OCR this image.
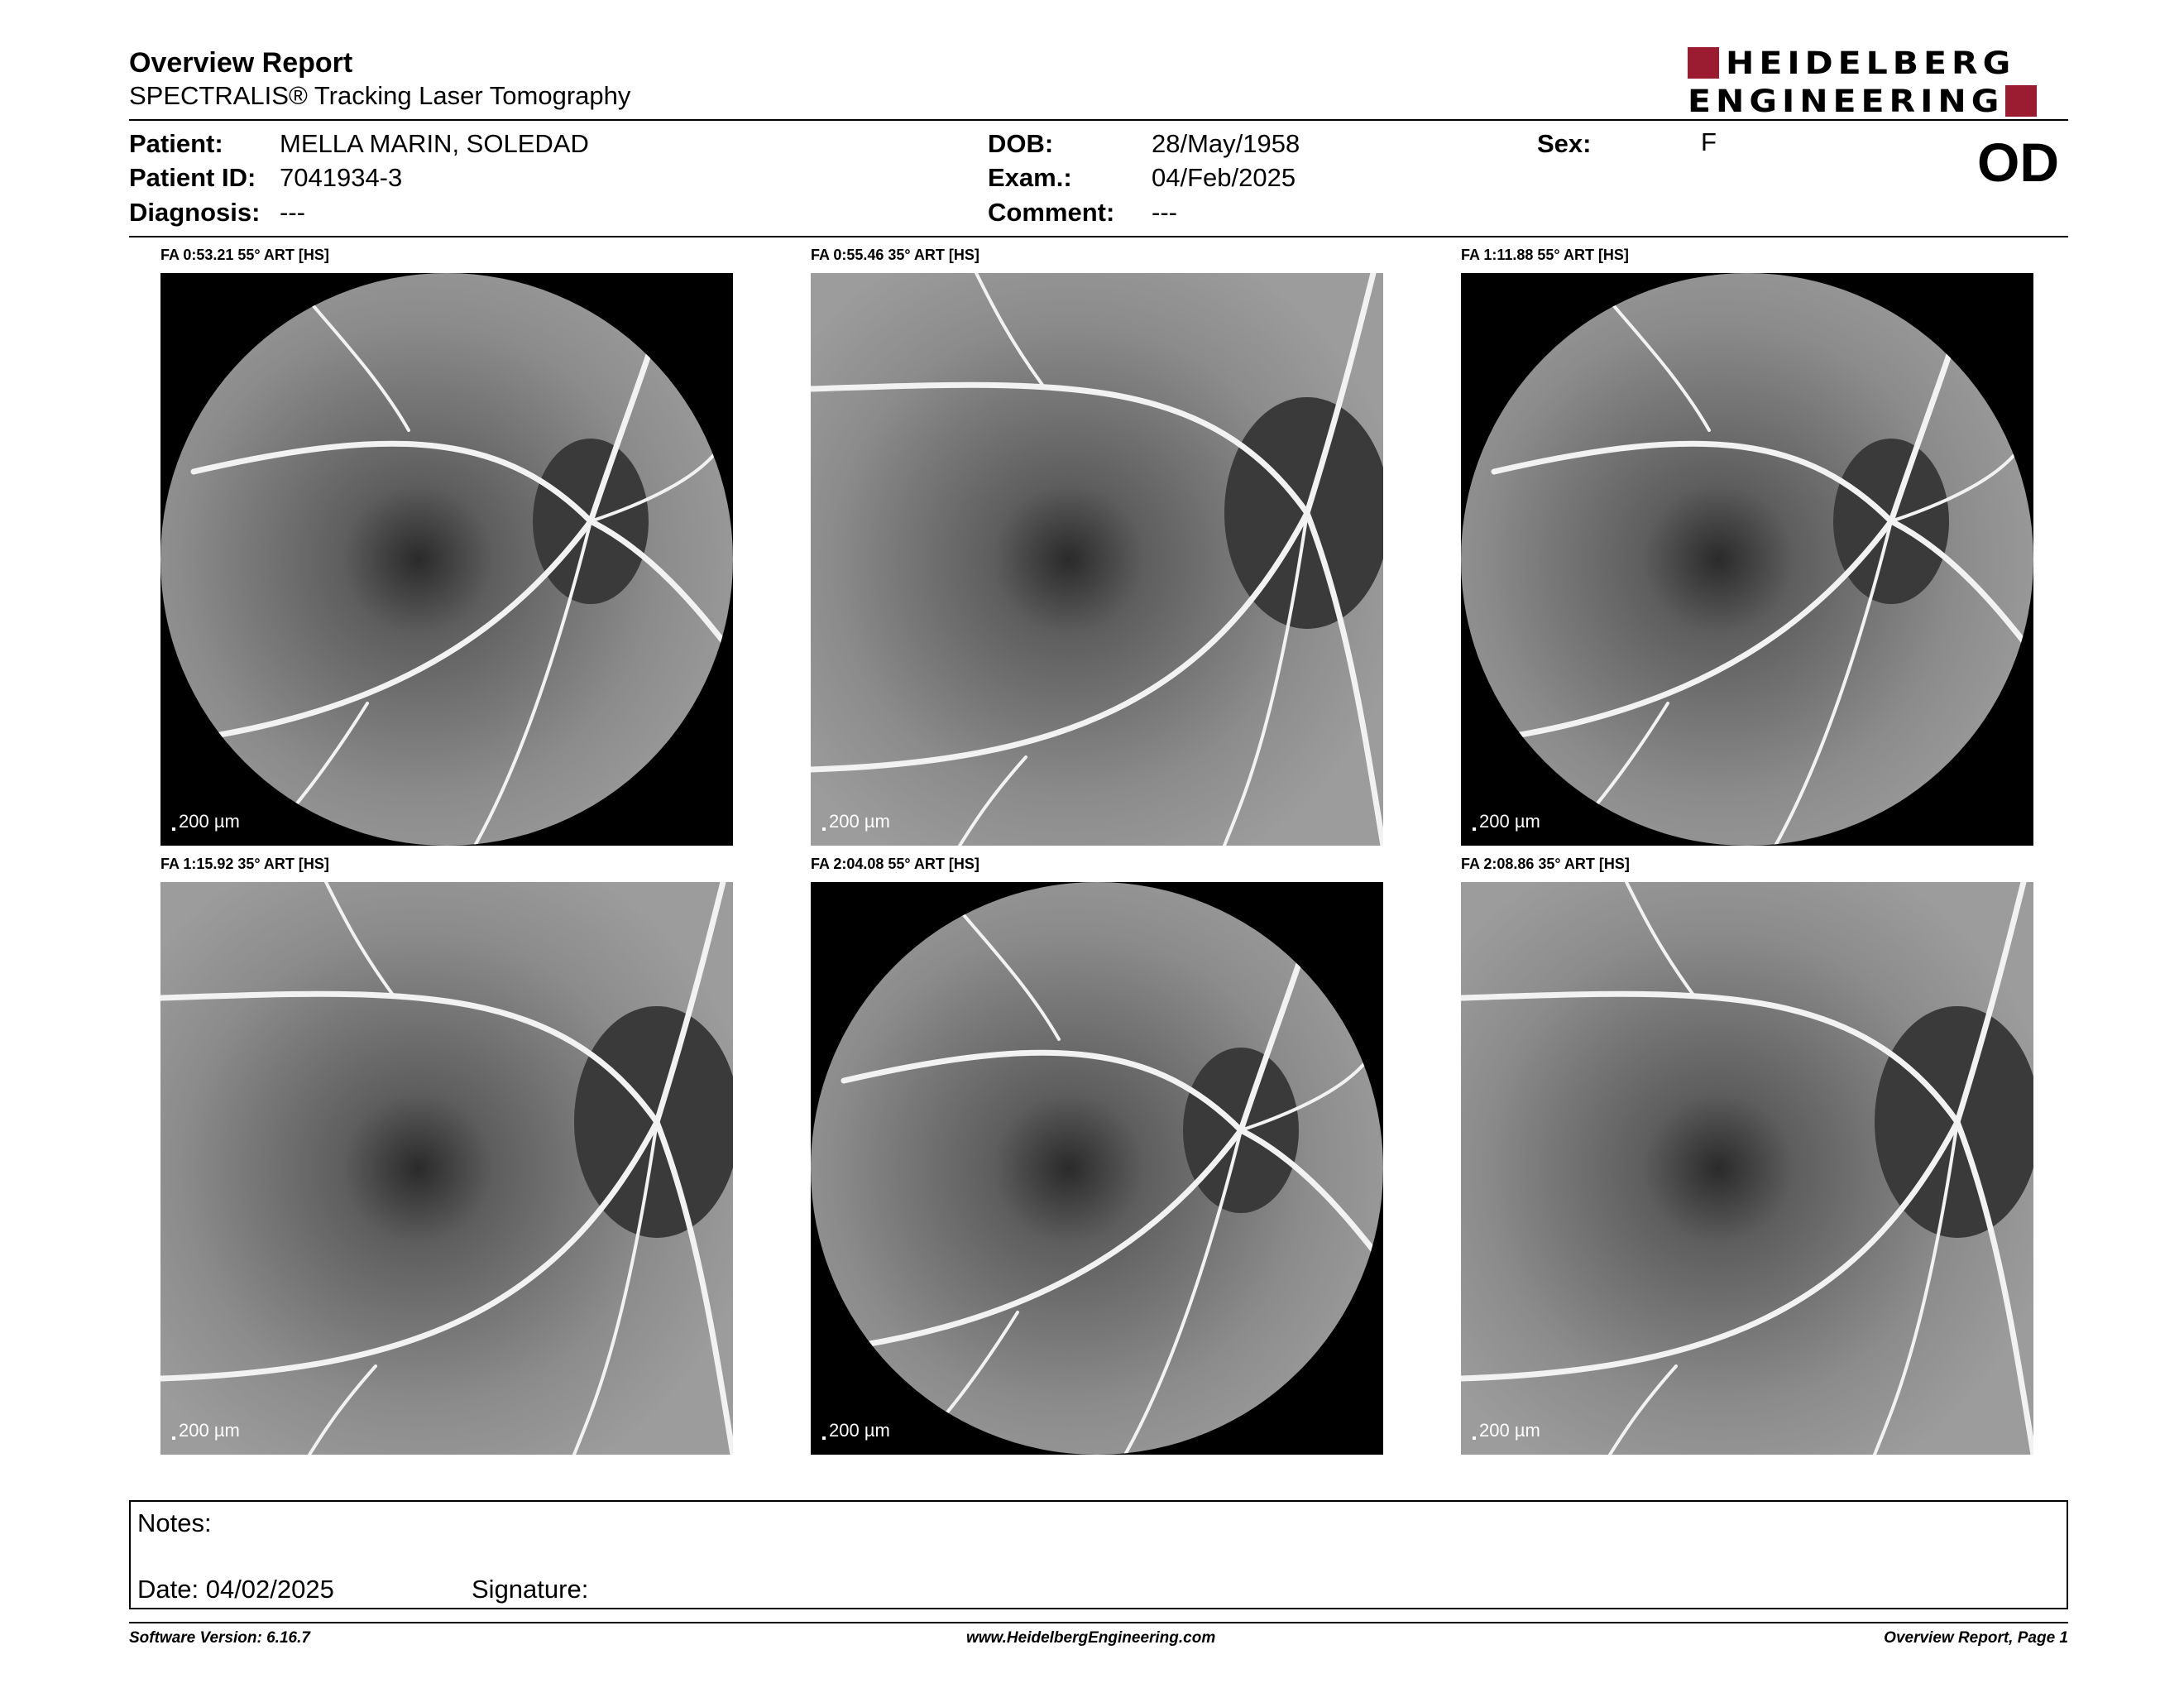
Overview Report
SPECTRALIS® Tracking Laser Tomography
HEIDELBERG
ENGINEERING
Patient: MELLA MARIN, SOLEDAD
Patient ID: 7041934-3
Diagnosis: ---
DOB:	28/May/1958
Exam.:	04/Feb/2025
Comment: ---
Sex:	F	OD
FA 0:53.21 55° ART [HS]
200 µm
FA 0:55.46 35° ART [HS]
200 µm
FA 1:11.88 55° ART [HS]
200 µm
FA 1:15.92 35° ART [HS]
200 µm
FA 2:04.08 55° ART [HS]
200 µm
FA 2:08.86 35° ART [HS]
200 µm
Notes:
Date: 04/02/2025	Signature:
Software Version: 6.16.7	www.HeidelbergEngineering.com	Overview Report, Page 1
